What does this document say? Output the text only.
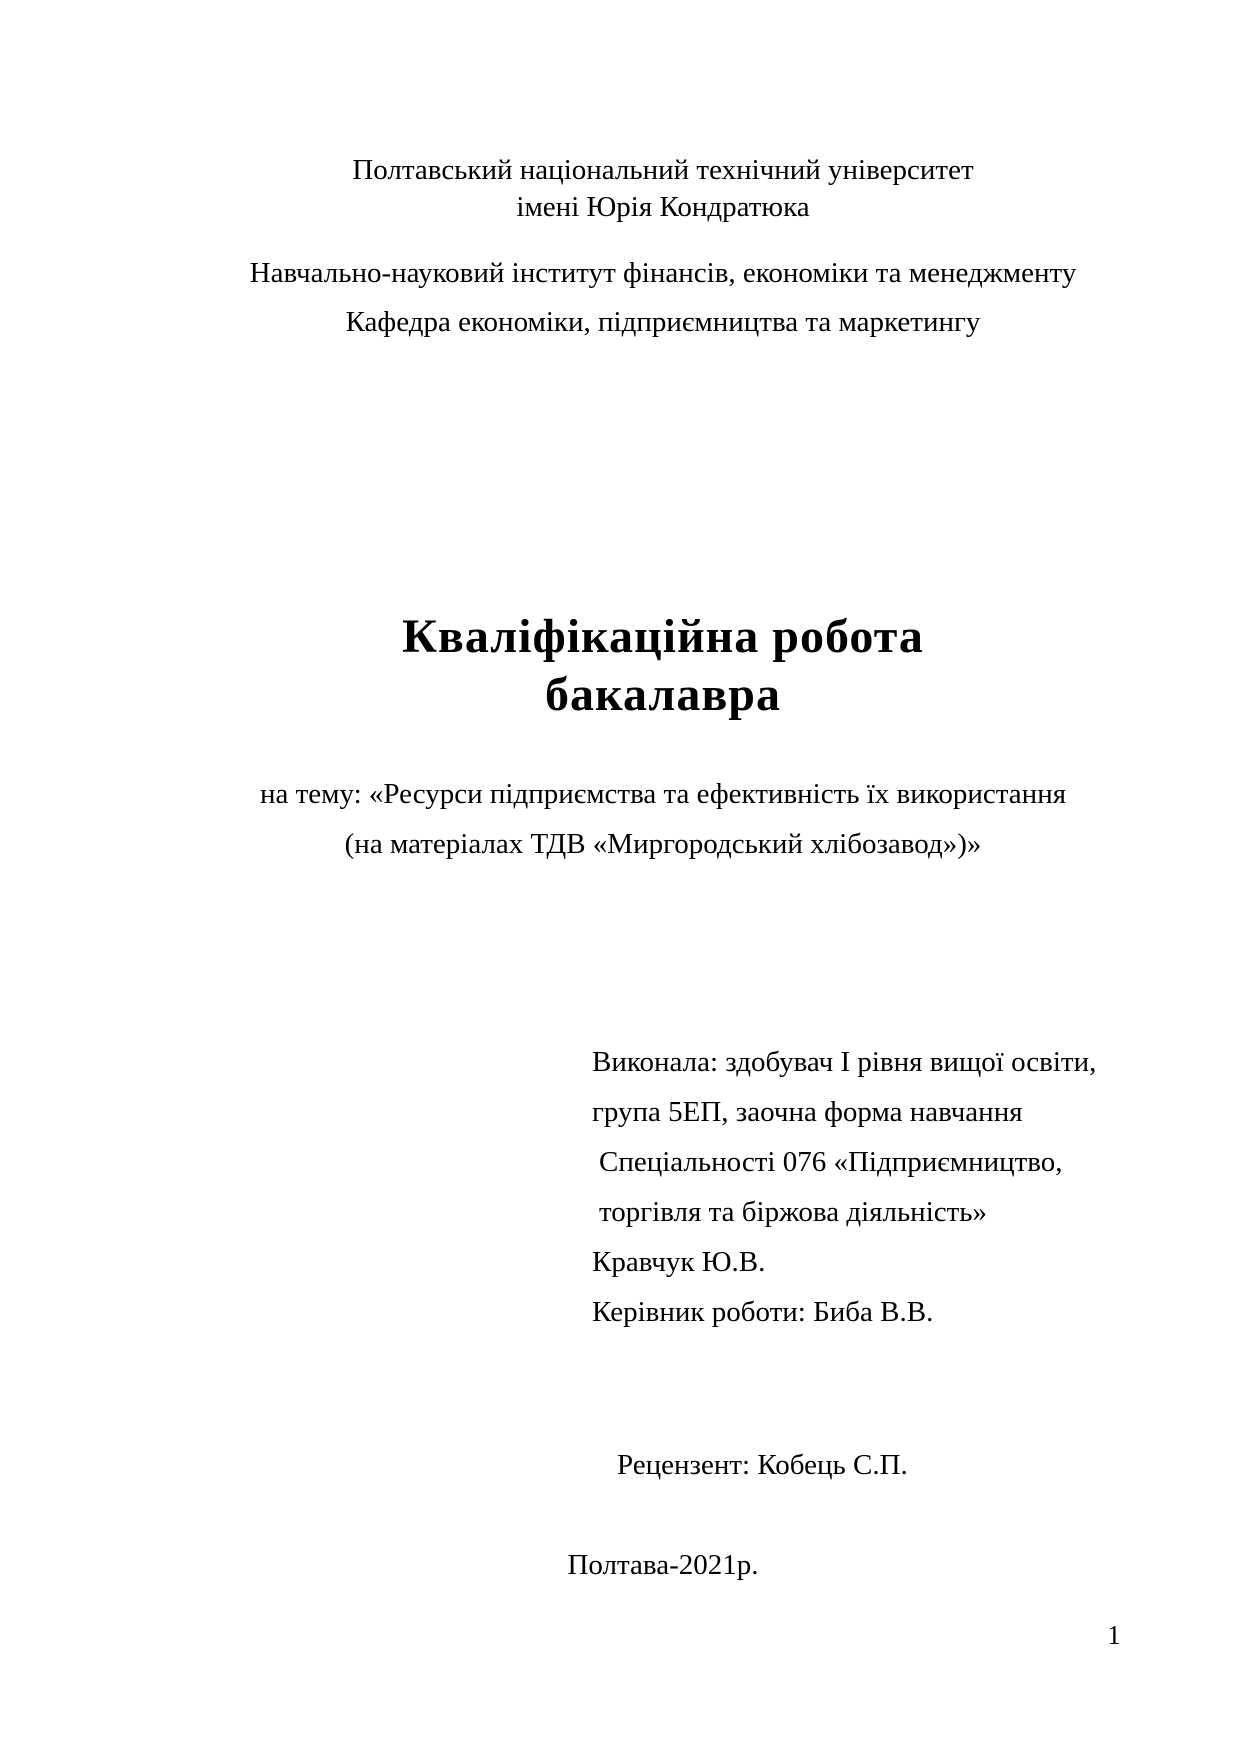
Полтавський національний технічний університет

імені Юрія Кондратюка

Навчально-науковий інститут фінансів, економіки та менеджменту

Кафедра економіки, підприємництва та маркетингу

Кваліфікаційна робота
бакалавра
на тему: «Ресурси підприємства та ефективність їх використання
(на матеріалах ТДВ «Миргородський хлібозавод»)»

Виконала: здобувач І рівня вищої освіти,

група 5ЕП, заочна форма навчання

Спеціальності 076 «Підприємництво,

торгівля та біржова діяльність»

Кравчук Ю.В.

Керівник роботи: Биба В.В.

Рецензент: Кобець С.П.
Полтава-2021р.
1
